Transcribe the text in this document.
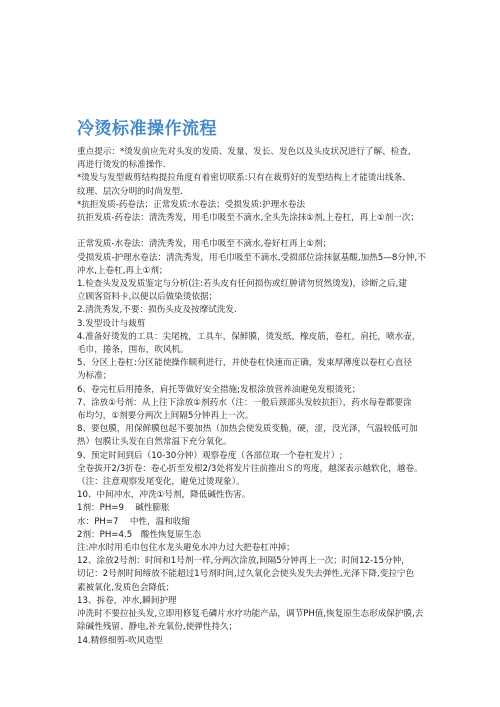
冷烫标准操作流程
重点提示：*烫发前应先对头发的发质、发量、发长、发色以及头皮状况进行了解、检查,
再进行烫发的标准操作.
*烫发与发型裁剪结构提拉角度有着密切联系:只有在裁剪好的发型结构上才能烫出线条、
纹理、层次分明的时尚发型.
*抗拒发质-药卷法；正常发质:水卷法；受损发质:护理水卷法
抗拒发质-药卷法：清洗秀发，用毛巾吸至不滴水,全头先涂抹①剂,上卷杠，再上①剂一次；
正常发质-水卷法：清洗秀发，用毛巾吸至不滴水,卷好杠再上①剂；
受损发质-护理水卷法：清洗秀发，用毛巾吸至不滴水,受损部位涂抹氨基酸,加热5—8分钟,不
冲水,上卷杠,再上①剂；
1.检查头发及发质鉴定与分析(注:若头皮有任何损伤或红肿请勿贸然烫发)，诊断之后,建
立顾客资料卡,以便以后做染烫依据；
2.清洗秀发,不要：损伤头皮及按摩试洗发.
3.发型设计与裁剪
4.准备好烫发的工具：尖尾梳，工具车，保鲜膜，烫发纸，橡皮筋，卷杠，肩托，喷水壶，
毛巾，捲条，围布，吹风机。
5、分区上卷杠:分区能使操作顺利进行，并使卷杠快速而正确，发束厚薄度以卷杠心直径
为标准；
6、卷完杠后用捲条，肩托等做好安全措施;发根涂放营养油避免发根烫死；
7、涂放①号剂：从上往下涂放①剂药水（注：一般后颈部头发较抗拒），药水每卷都要涂
布均匀，①剂要分两次上间隔5分钟再上一次。
8、要包膜，用保鲜膜包起不要加热（加热会使发质变脆，硬，涩，没光泽，气温较低可加
热）包膜让头发在自然常温下充分氧化。
9、预定时间到后（10-30分钟）观察卷度（各部位取一个卷杠发片）;
全卷拔开2/3折卷：卷心折至发根2/3处将发片往前推出Ｓ的弯度，越深表示越软化，越卷。
（注：注意观察发尾变化，避免过烫现象）。
10、中间冲水，冲洗①号剂，降低碱性伤害。
1剂：PH=9　 碱性膨胀
水：PH=7　 中性，温和收缩
2剂：PH=4.5　酸性恢复原生态
注:冲水时用毛巾包住水龙头避免水冲力过大把卷杠冲掉；
12、涂放2号剂：时间和1号剂一样,分两次涂放,间隔5分钟再上一次；时间12-15分钟，
切记：2号剂时间缔放不能超过1号剂时间,过久氧化会使头发失去弹性,光泽下降,变拉宁色
素被氧化,发质色会降低；
13、拆卷，冲水,瞬间护理
冲洗时不要拉扯头发,立即用修复毛磷片水疗功能产品，调节PH值,恢复原生态形成保护膜,去
除碱性残留、静电,补充氧份,使弹性持久；
14.精修细剪-吹风造型
